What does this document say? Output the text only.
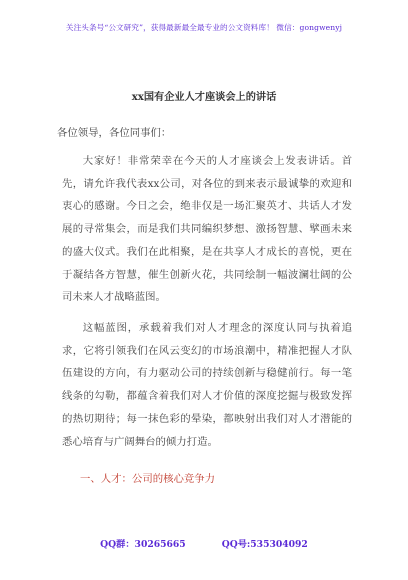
关注头条号“公文研究”，获得最新最全最专业的公文资料库！ 微信：gongwenyj
xx国有企业人才座谈会上的讲话
各位领导，各位同事们：

大家好！非常荣幸在今天的人才座谈会上发表讲话。首先，请允许我代表xx公司，对各位的到来表示最诚挚的欢迎和衷心的感谢。今日之会，绝非仅是一场汇聚英才、共话人才发展的寻常集会，而是我们共同编织梦想、激扬智慧、擘画未来的盛大仪式。我们在此相聚，是在共享人才成长的喜悦，更在于凝结各方智慧，催生创新火花，共同绘制一幅波澜壮阔的公司未来人才战略蓝图。

这幅蓝图，承载着我们对人才理念的深度认同与执着追求，它将引领我们在风云变幻的市场浪潮中，精准把握人才队伍建设的方向，有力驱动公司的持续创新与稳健前行。每一笔线条的勾勒，都蕴含着我们对人才价值的深度挖掘与极致发挥的热切期待；每一抹色彩的晕染，都映射出我们对人才潜能的悉心培育与广阔舞台的倾力打造。

一、人才：公司的核心竞争力
QQ群：30265665	QQ号:535304092
